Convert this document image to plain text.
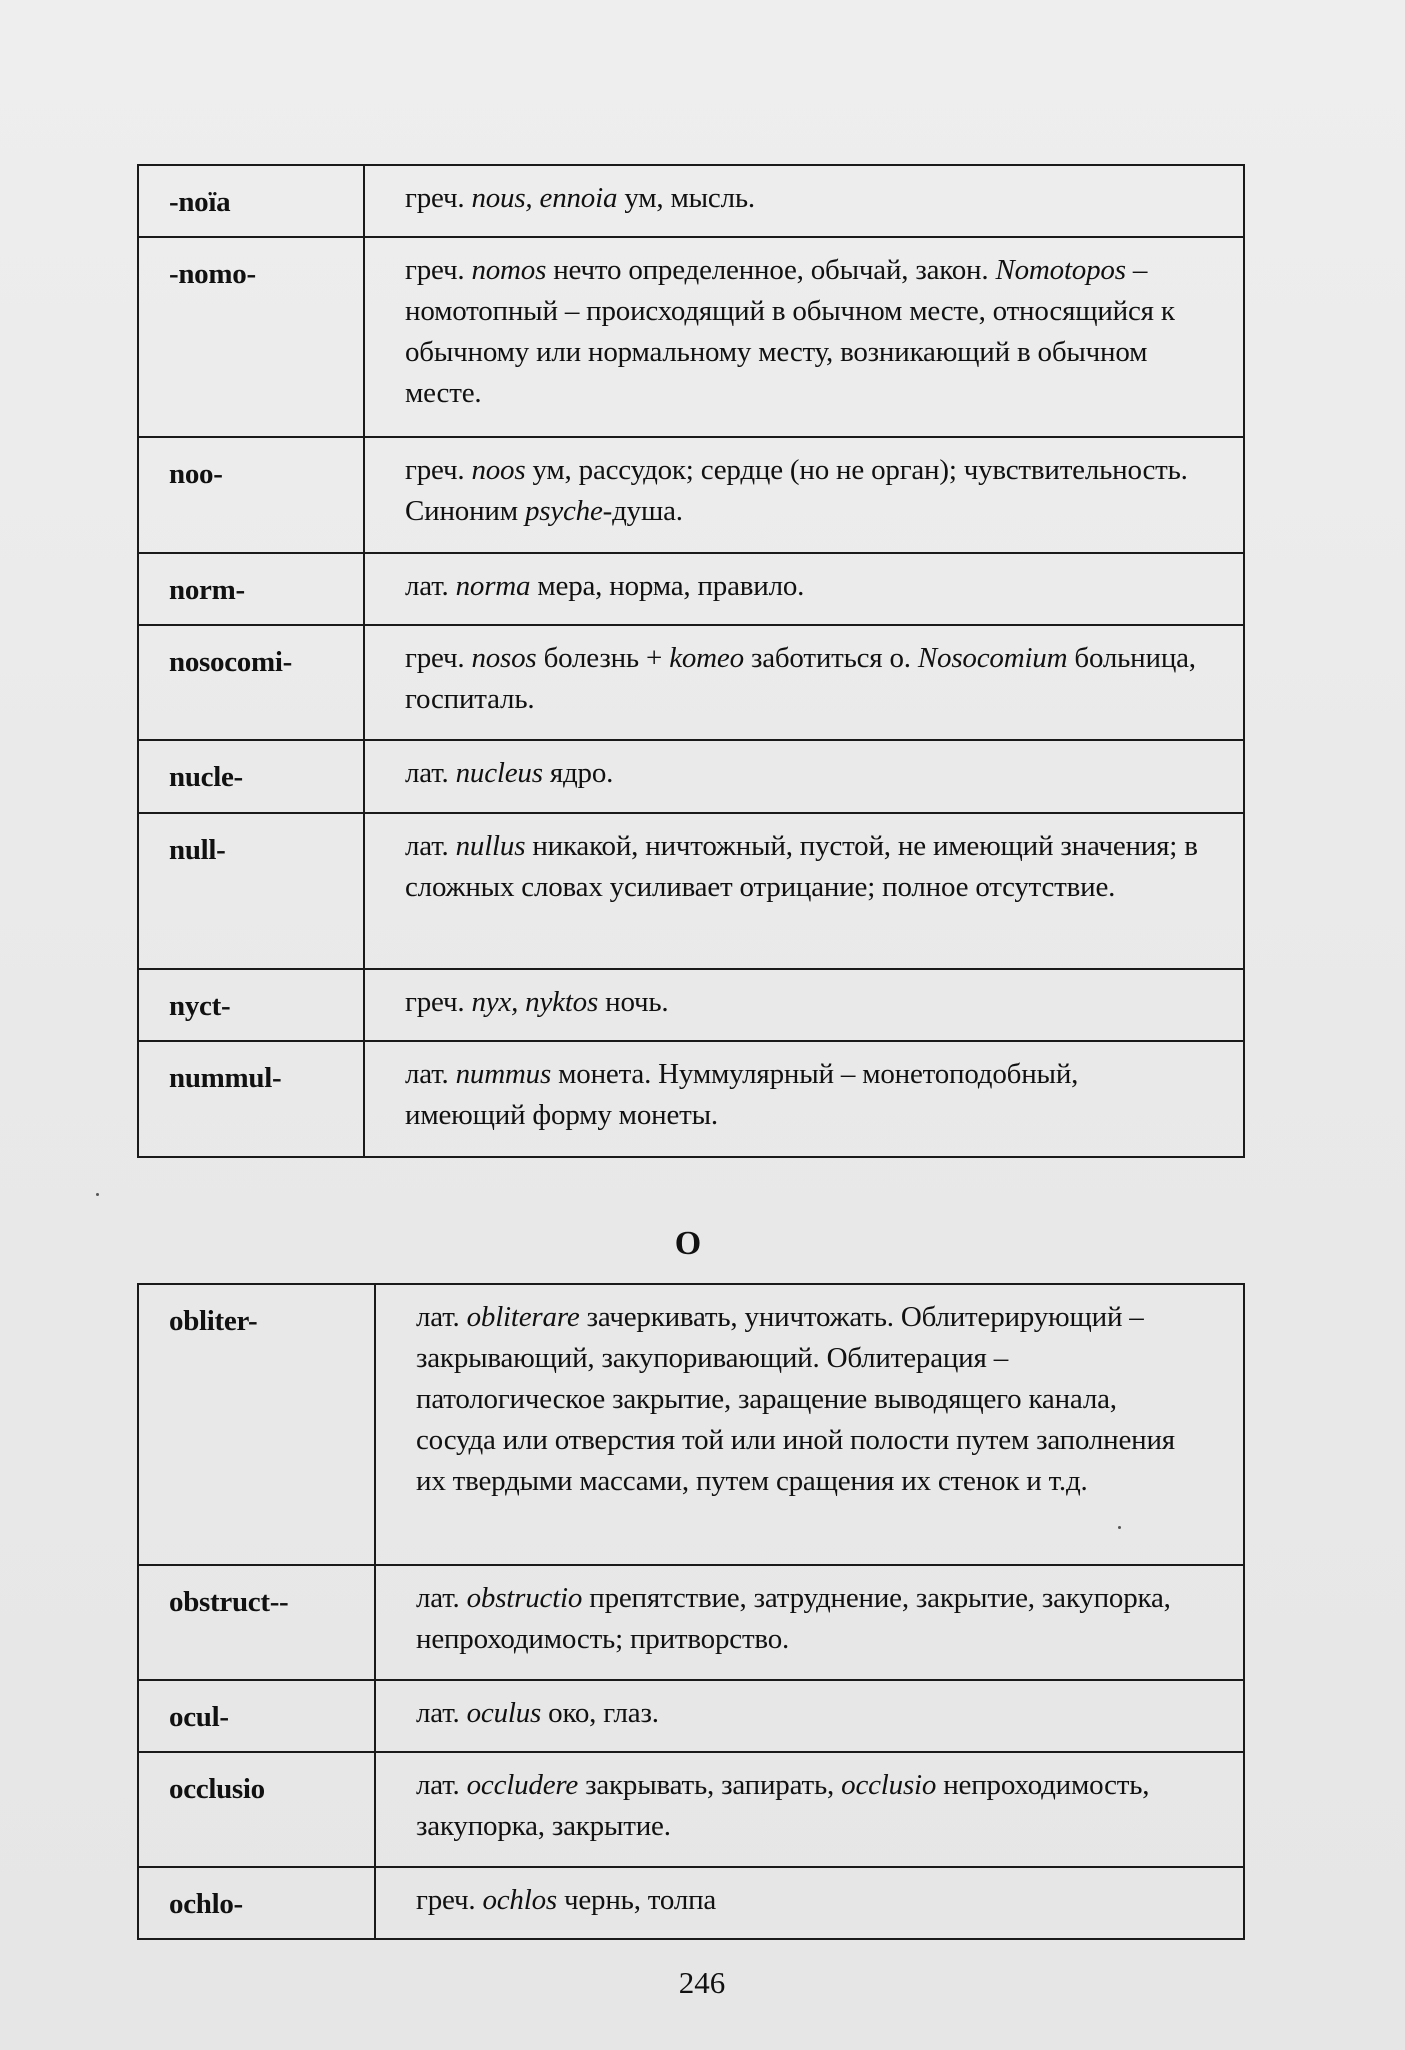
-noïa	греч. nous, ennoia ум, мысль.
-nomo-	греч. nomos нечто определенное, обычай, закон. Nomotopos – номотопный – происходящий в обычном месте, относящийся к обычному или нормальному месту, возникающий в обычном месте.
noo-	греч. noos ум, рассудок; сердце (но не орган); чувствительность. Синоним psyche-душа.
norm-	лат. norma мера, норма, правило.
nosocomi-	греч. nosos болезнь + komeo заботиться о. Nosocomium больница, госпиталь.
nucle-	лат. nucleus ядро.
null-	лат. nullus никакой, ничтожный, пустой, не имеющий значения; в сложных словах усиливает отрицание; полное отсутствие.
nyct-	греч. nyx, nyktos ночь.
nummul-	лат. nummus монета. Нуммулярный – монетоподобный, имеющий форму монеты.
О
obliter-	лат. obliterare зачеркивать, уничтожать. Облитерирующий – закрывающий, закупоривающий. Облитерация – патологическое закрытие, заращение выводящего канала, сосуда или отверстия той или иной полости путем заполнения их твердыми массами, путем сращения их стенок и т.д.
obstruct--	лат. obstructio препятствие, затруднение, закрытие, закупорка, непроходимость; притворство.
ocul-	лат. oculus око, глаз.
occlusio	лат. occludere закрывать, запирать, occlusio непроходимость, закупорка, закрытие.
ochlo-	греч. ochlos чернь, толпа
246
